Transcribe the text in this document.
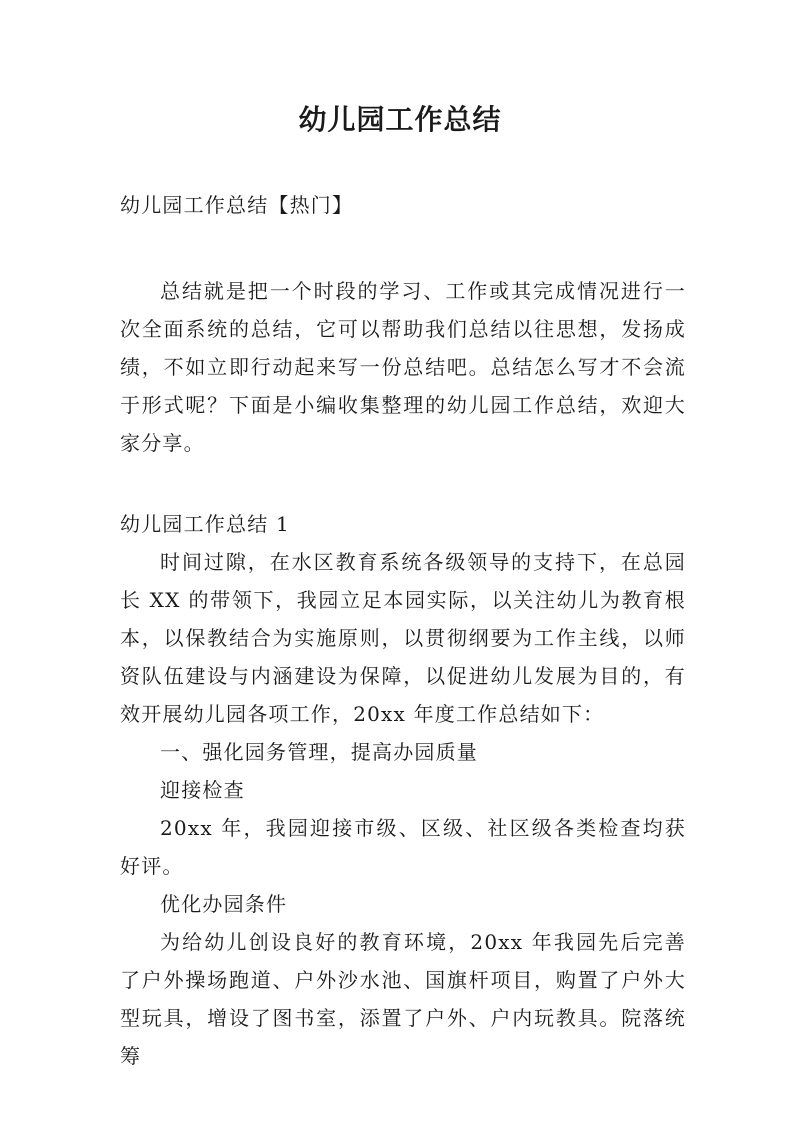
幼儿园工作总结

幼儿园工作总结【热门】

总结就是把一个时段的学习、工作或其完成情况进行一次全面系统的总结，它可以帮助我们总结以往思想，发扬成绩，不如立即行动起来写一份总结吧。总结怎么写才不会流于形式呢？下面是小编收集整理的幼儿园工作总结，欢迎大家分享。

幼儿园工作总结 1

时间过隙，在水区教育系统各级领导的支持下，在总园长 XX 的带领下，我园立足本园实际，以关注幼儿为教育根本，以保教结合为实施原则，以贯彻纲要为工作主线，以师资队伍建设与内涵建设为保障，以促进幼儿发展为目的，有效开展幼儿园各项工作，20xx 年度工作总结如下：

一、强化园务管理，提高办园质量

迎接检查

20xx 年，我园迎接市级、区级、社区级各类检查均获好评。

优化办园条件

为给幼儿创设良好的教育环境，20xx 年我园先后完善了户外操场跑道、户外沙水池、国旗杆项目，购置了户外大型玩具，增设了图书室，添置了户外、户内玩教具。院落统筹
